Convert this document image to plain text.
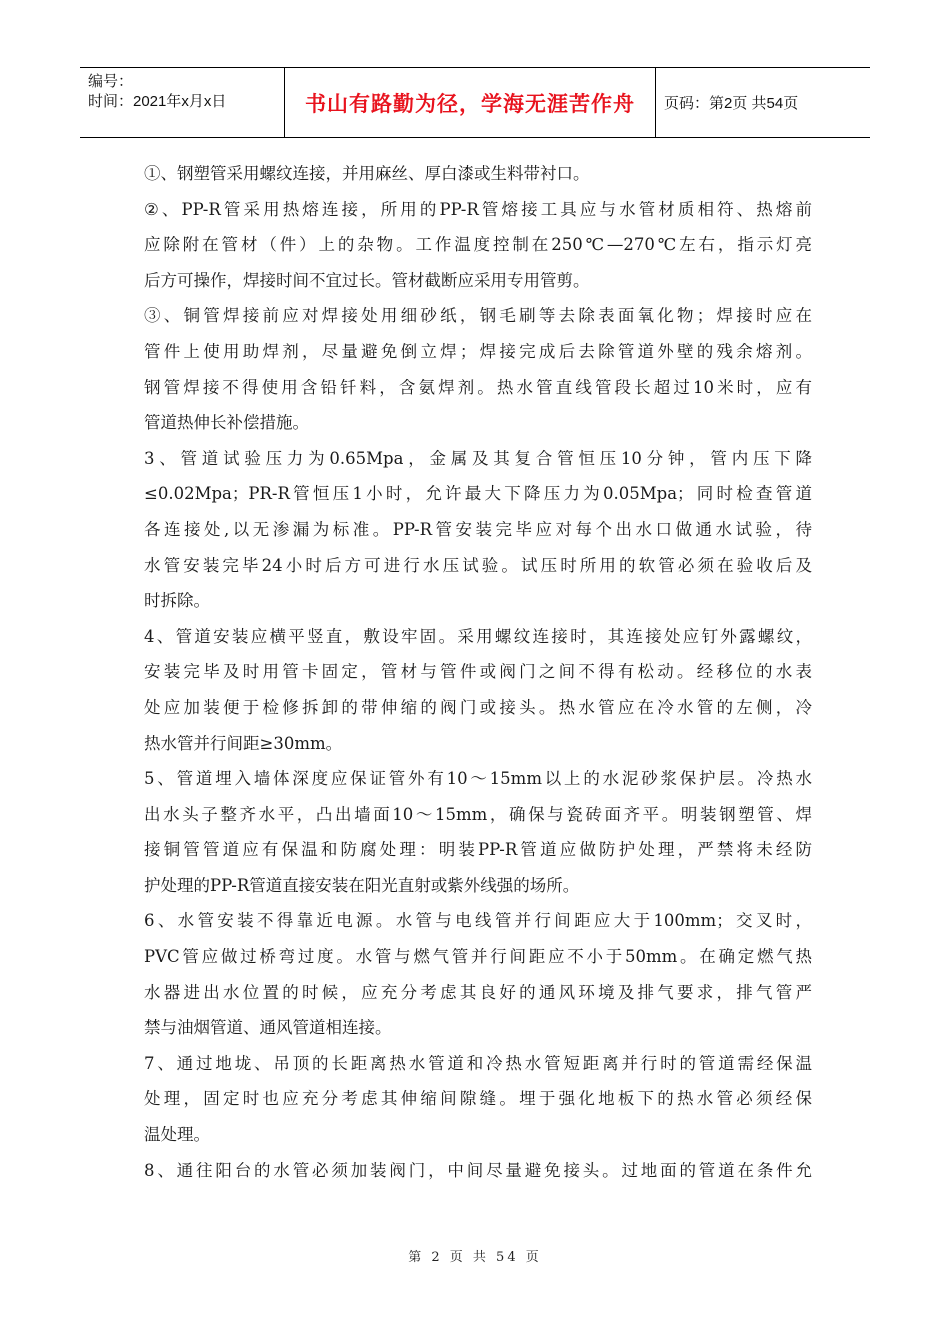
编号：
时间：2021年x月x日	书山有路勤为径，学海无涯苦作舟	页码：第2页 共54页
①、钢塑管采用螺纹连接，并用麻丝、厚白漆或生料带衬口。
②、PP-R管采用热熔连接，所用的PP-R管熔接工具应与水管材质相符、热熔前
应除附在管材（件）上的杂物。工作温度控制在250℃—270℃左右，指示灯亮
后方可操作，焊接时间不宜过长。管材截断应采用专用管剪。
③、铜管焊接前应对焊接处用细砂纸，钢毛刷等去除表面氧化物；焊接时应在
管件上使用助焊剂，尽量避免倒立焊；焊接完成后去除管道外壁的残余熔剂。
钢管焊接不得使用含铅钎料，含氨焊剂。热水管直线管段长超过10米时，应有
管道热伸长补偿措施。
3、管道试验压力为0.65Mpa，金属及其复合管恒压10分钟，管内压下降
≤0.02Mpa；PR-R管恒压1小时，允许最大下降压力为0.05Mpa；同时检查管道
各连接处,以无渗漏为标准。PP-R管安装完毕应对每个出水口做通水试验，待
水管安装完毕24小时后方可进行水压试验。试压时所用的软管必须在验收后及
时拆除。
4、管道安装应横平竖直，敷设牢固。采用螺纹连接时，其连接处应钉外露螺纹，
安装完毕及时用管卡固定，管材与管件或阀门之间不得有松动。经移位的水表
处应加装便于检修拆卸的带伸缩的阀门或接头。热水管应在冷水管的左侧，冷
热水管并行间距≥30mm。
5、管道埋入墙体深度应保证管外有10～15mm以上的水泥砂浆保护层。冷热水
出水头子整齐水平，凸出墙面10～15mm，确保与瓷砖面齐平。明装钢塑管、焊
接铜管管道应有保温和防腐处理：明装PP-R管道应做防护处理，严禁将未经防
护处理的PP-R管道直接安装在阳光直射或紫外线强的场所。
6、水管安装不得靠近电源。水管与电线管并行间距应大于100mm；交叉时，
PVC管应做过桥弯过度。水管与燃气管并行间距应不小于50mm。在确定燃气热
水器进出水位置的时候，应充分考虑其良好的通风环境及排气要求，排气管严
禁与油烟管道、通风管道相连接。
7、通过地垅、吊顶的长距离热水管道和冷热水管短距离并行时的管道需经保温
处理，固定时也应充分考虑其伸缩间隙缝。埋于强化地板下的热水管必须经保
温处理。
8、通往阳台的水管必须加装阀门，中间尽量避免接头。过地面的管道在条件允
第 2 页 共 54 页
